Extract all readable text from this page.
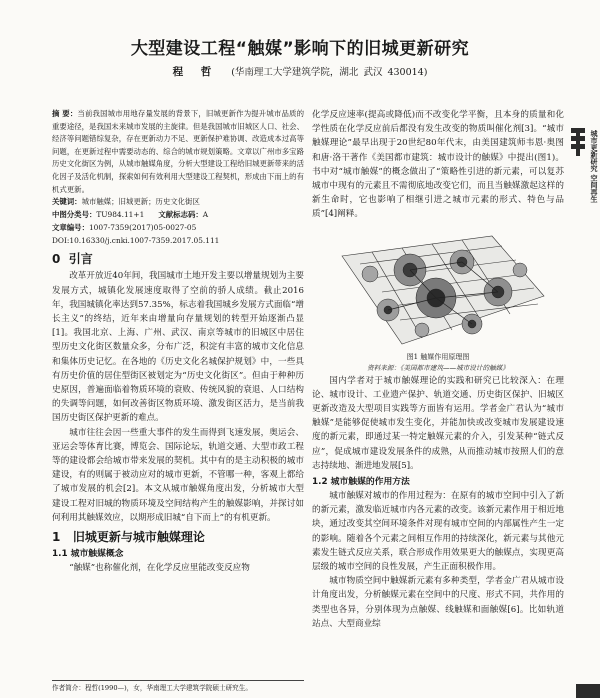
大型建设工程“触媒”影响下的旧城更新研究
程 哲 (华南理工大学建筑学院，湖北 武汉 430014)
摘 要：当前我国城市用地存量发展的背景下，旧城更新作为提升城市品质的重要途径，是我国未来城市发展的主旋律。但是我国城市旧城区人口、社会、经济等问题错综复杂，存在更新动力不足、更新保护难协调、改造成本过高等问题，在更新过程中需要动态的、综合的城市规划策略。文章以广州市多宝路历史文化街区为例，从城市触媒角度，分析大型建设工程给旧城更新带来的活化因子及活化机制，探索如何有效利用大型建设工程契机，形成由下而上的有机式更新。
关键词：城市触媒；旧城更新；历史文化街区
中图分类号：TU984.11+1 文献标志码：A
文章编号：1007-7359(2017)05-0027-05
DOI:10.16330/j.cnki.1007-7359.2017.05.111
0 引言

改革开放近40年间，我国城市土地开发主要以增量规划为主要发展方式，城镇化发展速度取得了空前的骄人成绩。截止2016年，我国城镇化率达到57.35%，标志着我国城乡发展方式面临“增长主义”的终结，近年来由增量向存量规划的转型开始逐渐凸显[1]。我国北京、上海、广州、武汉、南京等城市的旧城区中居住型历史文化街区数量众多，分布广泛，积淀有丰富的城市文化信息和集体历史记忆。在各地的《历史文化名城保护规划》中，一些具有历史价值的居住型街区被划定为“历史文化街区”。但由于种种历史原因，普遍面临着物质环境的衰败、传统风貌的衰退、人口结构的失调等问题，如何改善街区物质环境、激发街区活力，是当前我国历史街区保护更新的难点。

城市往往会因一些重大事件的发生而得到飞速发展，奥运会、亚运会等体育比赛，博览会、国际论坛，轨道交通、大型市政工程等的建设都会给城市带来发展的契机。其中有的是主动积极的城市建设，有的则属于被动应对的城市更新，不管哪一种，客观上都给了城市发展的机会[2]。本文从城市触媒角度出发，分析城市大型建设工程对旧城的物质环境及空间结构产生的触媒影响，并探讨如何利用其触媒效应，以期形成旧城“自下而上”的有机更新。

1 旧城更新与城市触媒理论
1.1 城市触媒概念

“触媒”也称催化剂，在化学反应里能改变反应物

化学反应速率(提高或降低)而不改变化学平衡，且本身的质量和化学性质在化学反应前后都没有发生改变的物质叫催化剂[3]。“城市触媒理论”最早出现于20世纪80年代末，由美国建筑师韦恩·奥图和唐·洛干著作《美国都市建筑：城市设计的触媒》中提出(图1)。书中对“城市触媒”的概念做出了“策略性引进的新元素，可以复苏城市中现有的元素且不需彻底地改变它们，而且当触媒激起这样的新生命时，它也影响了相继引进之城市元素的形式、特色与品质”[4]阐释。

图1 触媒作用原理图
资料来源：《美国都市建筑——城市设计的触媒》

国内学者对于城市触媒理论的实践和研究已比较深入：在理论、城市设计、工业遗产保护、轨道交通、历史街区保护、旧城区更新改造及大型项目实践等方面皆有运用。学者金广君认为“城市触媒”是能够促使城市发生变化，并能加快或改变城市发展建设速度的新元素，即通过某一特定触媒元素的介入，引发某种“链式反应”，促成城市建设发展条件的成熟，从而推动城市按照人们的意志持续地、渐进地发展[5]。

1.2 城市触媒的作用方法

城市触媒对城市的作用过程为：在原有的城市空间中引入了新的新元素，激发临近城市内各元素的改变。该新元素作用于相近地块，通过改变其空间环境条件对现有城市空间的内部属性产生一定的影响。随着各个元素之间相互作用的持续深化，新元素与其他元素发生链式反应关系，联合形成作用效果更大的触媒点，实现更高层级的城市空间的良性发展，产生正面积极作用。

城市物质空间中触媒新元素有多种类型，学者金广君从城市设计角度出发，分析触媒元素在空间中的尺度、形式不同，共作用的类型也各异，分别体现为点触媒、线触媒和面触媒[6]。比如轨道站点、大型商业综

作者简介：程哲(1990—)，女，华南理工大学建筑学院硕士研究生。
城市更新研究 空间再生
